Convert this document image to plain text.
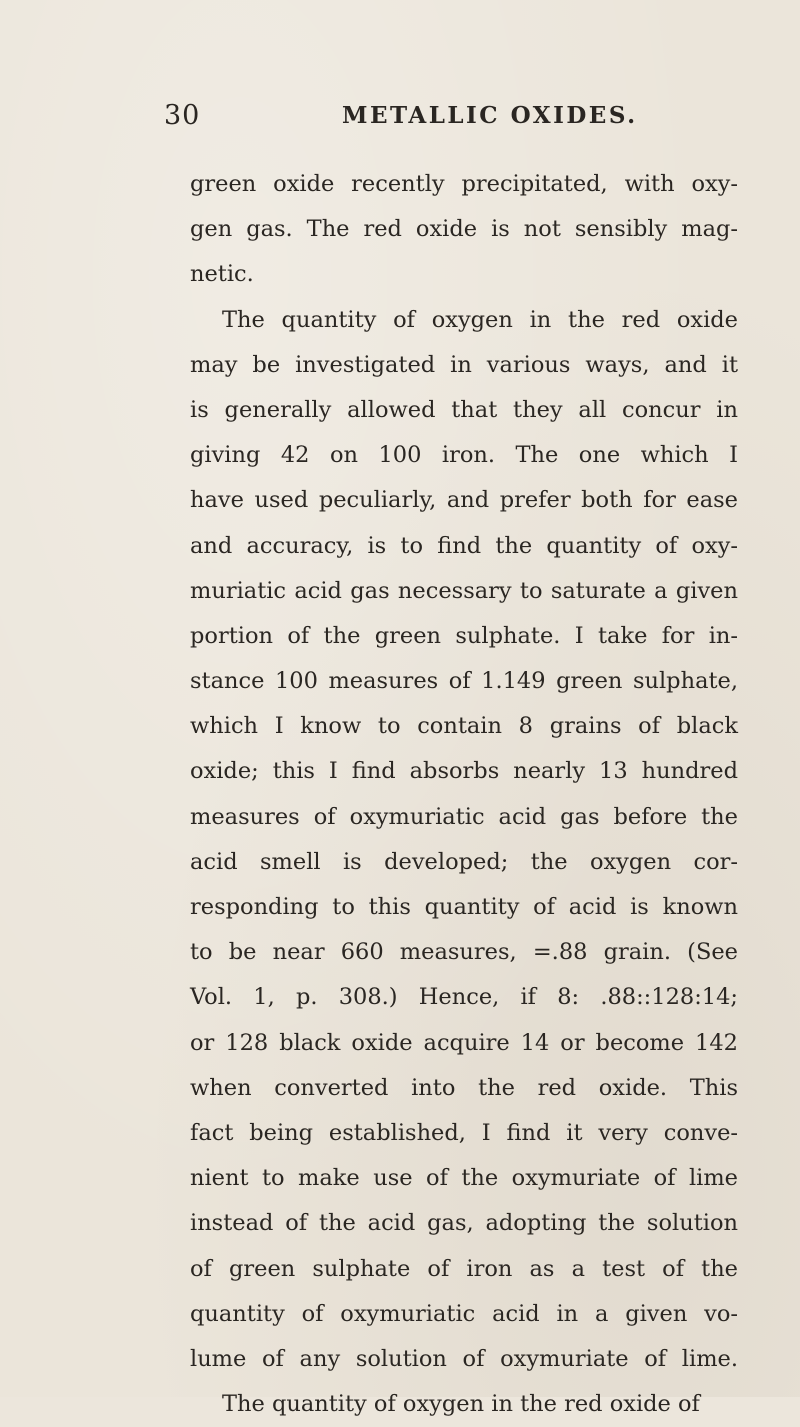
30	METALLIC OXIDES.
green oxide recently precipitated, with oxy-
gen gas. The red oxide is not sensibly mag-
netic.
The quantity of oxygen in the red oxide
may be investigated in various ways, and it
is generally allowed that they all concur in
giving 42 on 100 iron. The one which I
have used peculiarly, and prefer both for ease
and accuracy, is to find the quantity of oxy-
muriatic acid gas necessary to saturate a given
portion of the green sulphate. I take for in-
stance 100 measures of 1.149 green sulphate,
which I know to contain 8 grains of black
oxide; this I find absorbs nearly 13 hundred
measures of oxymuriatic acid gas before the
acid smell is developed; the oxygen cor-
responding to this quantity of acid is known
to be near 660 measures, =.88 grain. (See
Vol. 1, p. 308.) Hence, if 8: .88::128:14;
or 128 black oxide acquire 14 or become 142
when converted into the red oxide. This
fact being established, I find it very conve-
nient to make use of the oxymuriate of lime
instead of the acid gas, adopting the solution
of green sulphate of iron as a test of the
quantity of oxymuriatic acid in a given vo-
lume of any solution of oxymuriate of lime.
The quantity of oxygen in the red oxide of
